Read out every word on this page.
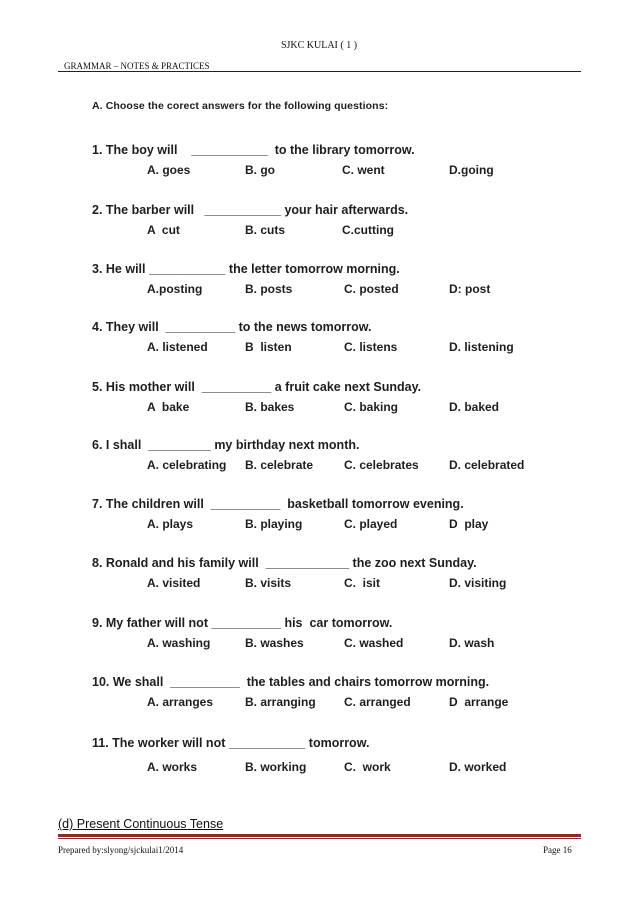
SJKC KULAI ( 1 )
GRAMMAR – NOTES & PRACTICES
A. Choose the corect answers for the following questions:
1. The boy will    ___________  to the library tomorrow.
A. goes	B. go	C. went	D.going
2. The barber will   ___________ your hair afterwards.
A  cut	B. cuts	C.cutting
3. He will ___________ the letter tomorrow morning.
A.posting	B. posts	C. posted	D: post
4. They will  __________ to the news tomorrow.
A. listened	B  listen	C. listens	D. listening
5. His mother will  __________ a fruit cake next Sunday.
A  bake	B. bakes	C. baking	D. baked
6. I shall  _________ my birthday next month.
A. celebrating B. celebrate	C. celebrates	D. celebrated
7. The children will  __________  basketball tomorrow evening.
A. plays	B. playing	C. played	D  play
8. Ronald and his family will  ____________ the zoo next Sunday.
A. visited	B. visits	C.  isit	D. visiting
9. My father will not __________ his  car tomorrow.
A. washing	B. washes	C. washed	D. wash
10. We shall  __________  the tables and chairs tomorrow morning.
A. arranges	B. arranging C. arranged	D  arrange
11. The worker will not ___________ tomorrow.
A. works	B. working	C.  work	D. worked
(d) Present Continuous Tense
Prepared by:slyong/sjckulai1/2014	Page 16
